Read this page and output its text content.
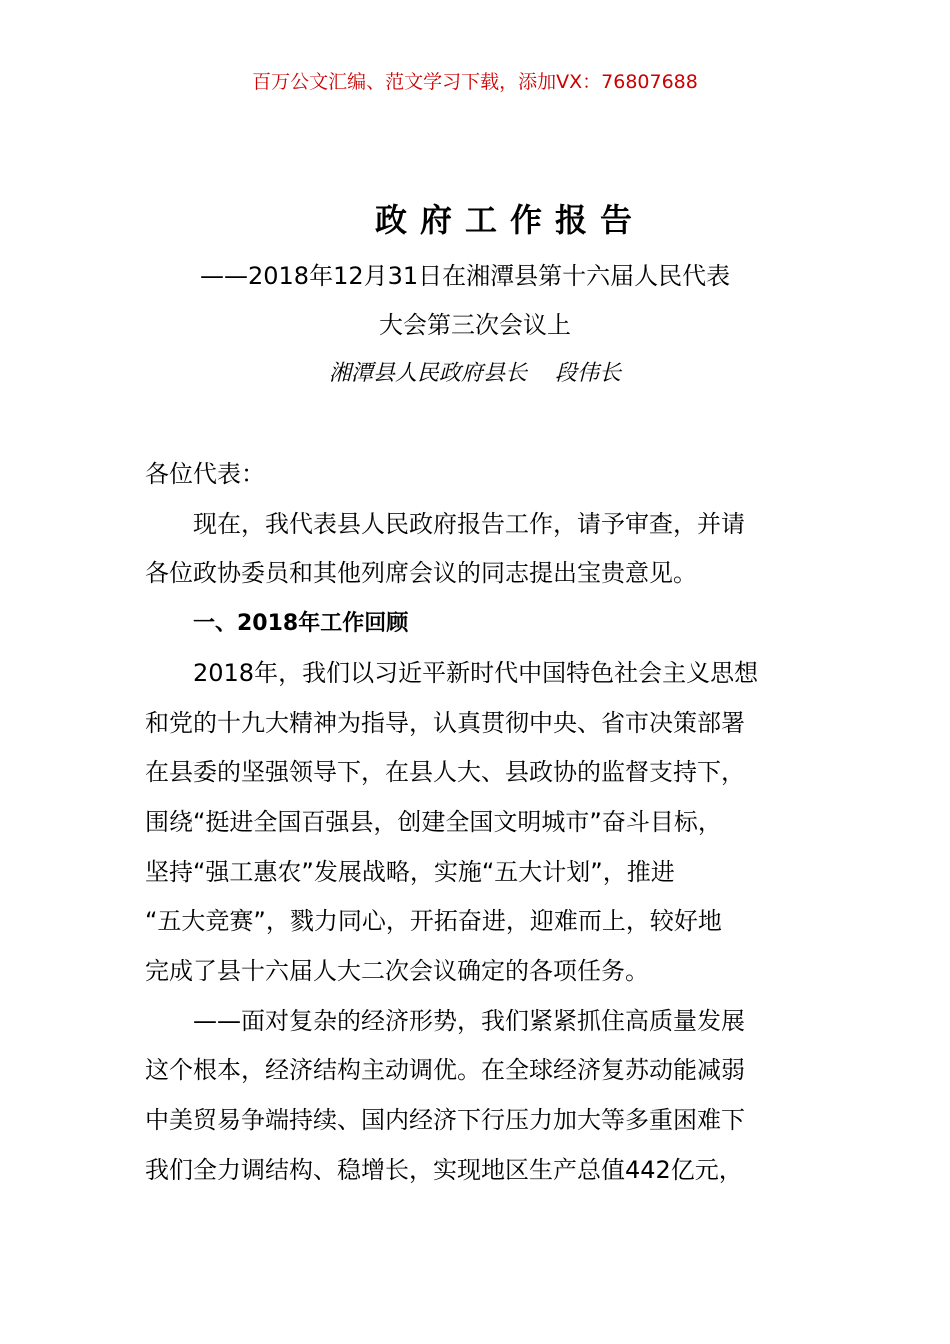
百万公文汇编、范文学习下载，添加VX：76807688
政府工作报告
——2018年12月31日在湘潭县第十六届人民代表
大会第三次会议上
湘潭县人民政府县长    段伟长
各位代表：
现在，我代表县人民政府报告工作，请予审查，并请
各位政协委员和其他列席会议的同志提出宝贵意见。
一、2018年工作回顾
2018年，我们以习近平新时代中国特色社会主义思想
和党的十九大精神为指导，认真贯彻中央、省市决策部署
在县委的坚强领导下，在县人大、县政协的监督支持下，
围绕“挺进全国百强县，创建全国文明城市”奋斗目标，
坚持“强工惠农”发展战略，实施“五大计划”，推进
“五大竞赛”，戮力同心，开拓奋进，迎难而上，较好地
完成了县十六届人大二次会议确定的各项任务。
——面对复杂的经济形势，我们紧紧抓住高质量发展
这个根本，经济结构主动调优。在全球经济复苏动能减弱
中美贸易争端持续、国内经济下行压力加大等多重困难下
我们全力调结构、稳增长，实现地区生产总值442亿元，
